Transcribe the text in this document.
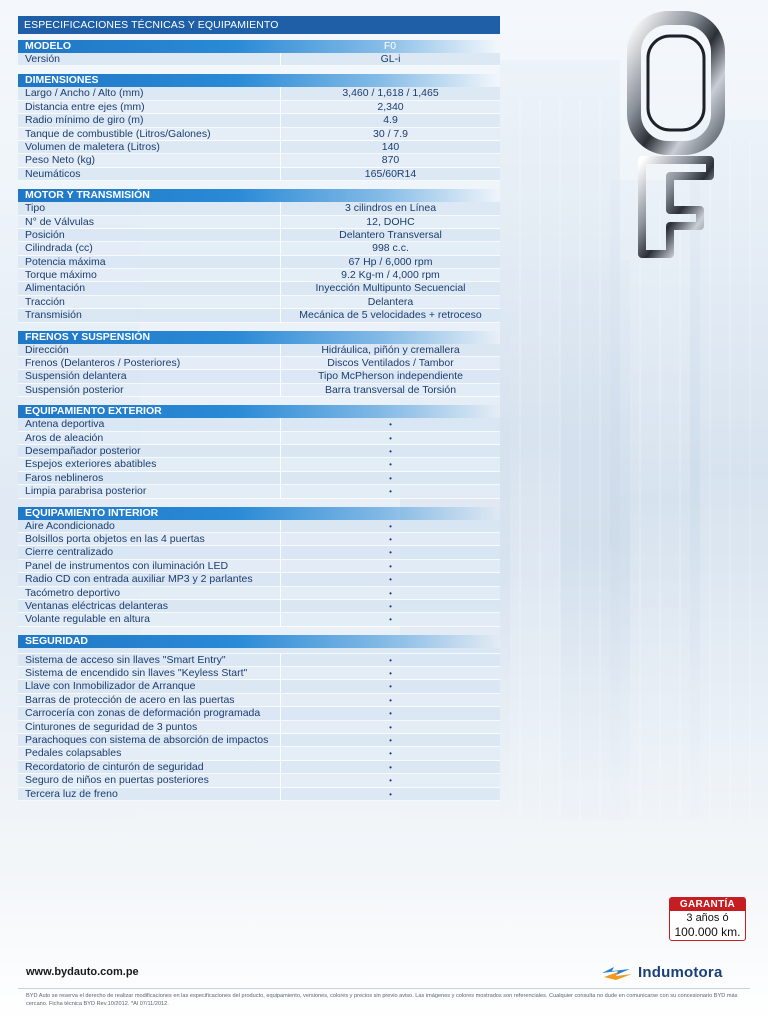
ESPECIFICACIONES TÉCNICAS Y EQUIPAMIENTO
MODELO	F0
Versión	GL-i
DIMENSIONES
Largo / Ancho / Alto (mm)	3,460 / 1,618 / 1,465
Distancia entre ejes (mm)	2,340
Radio mínimo de giro (m)	4.9
Tanque de combustible (Litros/Galones)	30 / 7.9
Volumen de maletera (Litros)	140
Peso Neto (kg)	870
Neumáticos	165/60R14
MOTOR Y TRANSMISIÓN
Tipo	3 cilindros en Línea
N° de Válvulas	12, DOHC
Posición	Delantero Transversal
Cilindrada (cc)	998 c.c.
Potencia máxima	67 Hp / 6,000 rpm
Torque máximo	9.2 Kg-m / 4,000 rpm
Alimentación	Inyección Multipunto Secuencial
Tracción	Delantera
Transmisión	Mecánica de 5 velocidades + retroceso
FRENOS Y SUSPENSIÓN
Dirección	Hidráulica, piñón y cremallera
Frenos (Delanteros / Posteriores)	Discos Ventilados / Tambor
Suspensión delantera	Tipo McPherson independiente
Suspensión posterior	Barra transversal de Torsión
EQUIPAMIENTO EXTERIOR
Antena deportiva	•
Aros de aleación	•
Desempañador posterior	•
Espejos exteriores abatibles	•
Faros neblineros	•
Limpia parabrisa posterior	•
EQUIPAMIENTO INTERIOR
Aire Acondicionado	•
Bolsillos porta objetos en las 4 puertas	•
Cierre centralizado	•
Panel de instrumentos con iluminación LED	•
Radio CD con entrada auxiliar MP3 y 2 parlantes	•
Tacómetro deportivo	•
Ventanas eléctricas delanteras	•
Volante regulable en altura	•
SEGURIDAD
Sistema de acceso sin llaves "Smart Entry"	•
Sistema de encendido sin llaves "Keyless Start"	•
Llave con Inmobilizador de Arranque	•
Barras de protección de acero en las puertas	•
Carrocería con zonas de deformación programada	•
Cinturones de seguridad de 3 puntos	•
Parachoques con sistema de absorción de impactos	•
Pedales colapsables	•
Recordatorio de cinturón de seguridad	•
Seguro de niños en puertas posteriores	•
Tercera luz de freno	•
GARANTÍA
3 años ó
100.000 km.
www.bydauto.com.pe	Indumotora
BYD Auto se reserva el derecho de realizar modificaciones en las especificaciones del producto, equipamiento, versiones, colores y precios sin previo aviso. Las imágenes y colores mostrados son referenciales. Cualquier consulta no dude en comunicarse con su concesionario BYD más cercano. Ficha técnica BYD Rev.10/2012. *Al 07/11/2012.
